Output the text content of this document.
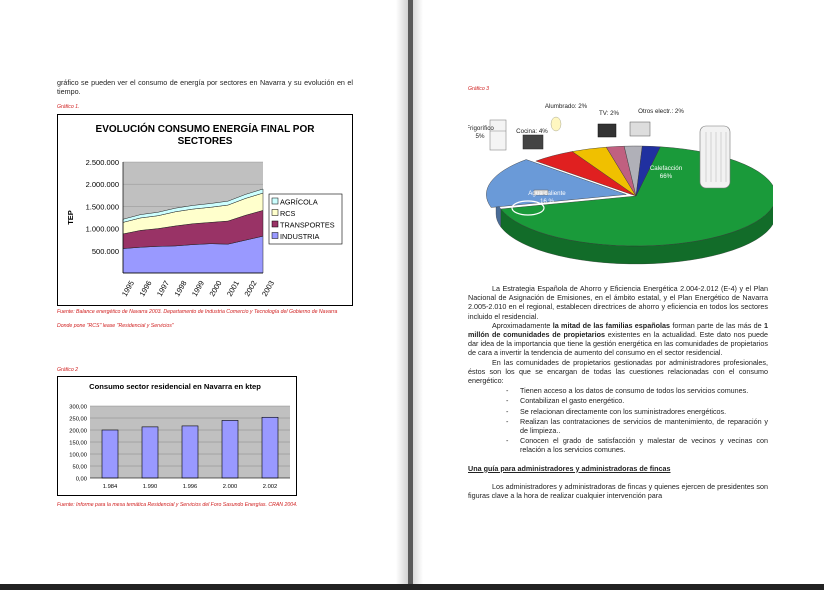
gráfico se pueden ver el consumo de energía por sectores en Navarra y su evolución en el tiempo.
Gráfico 1.
EVOLUCIÓN CONSUMO ENERGÍA FINAL POR
SECTORES
500.000
1.000.000
1.500.000
2.000.000
2.500.000
TEP
1995 1996 1997 1998 1999 2000 2001 2002 2003
AGRÍCOLA
RCS
TRANSPORTES
INDUSTRIA
Fuente: Balance energético de Navarra 2003. Departamento de Industria Comercio y Tecnología del Gobierno de Navarra
Donde pone "RCS" lease "Residencial y Servicios"
Gráfico 2
Consumo sector residencial en Navarra en ktep
0,00
50,00
100,00
150,00
200,00
250,00
300,00
1.984	1.990	1.996	2.000	2.002
Fuente: Informe para la mesa temática Residencial y Servicios del Foro Sasundo Energías. CRAN 2004.
Gráfico 3
Calefacción
66%
Agua caliente
16 %
Frigorífico
5%
Cocina: 4%
Alumbrado: 2%
TV: 2%	Otros electr.: 2%
La Estrategia Española de Ahorro y Eficiencia Energética 2.004-2.012 (E-4) y el Plan Nacional de Asignación de Emisiones, en el ámbito estatal, y el Plan Energético de Navarra 2.005-2.010 en el regional, establecen directrices de ahorro y eficiencia en todos los sectores incluido el residencial.
Aproximadamente la mitad de las familias españolas forman parte de las más de 1 millón de comunidades de propietarios existentes en la actualidad. Este dato nos puede dar idea de la importancia que tiene la gestión energética en las comunidades de propietarios de cara a invertir la tendencia de aumento del consumo en el sector residencial.
En las comunidades de propietarios gestionadas por administradores profesionales, éstos son los que se encargan de todas las cuestiones relacionadas con el consumo energético:
- Tienen acceso a los datos de consumo de todos los servicios comunes.
- Contabilizan el gasto energético.
- Se relacionan directamente con los suministradores energéticos.
- Realizan las contrataciones de servicios de mantenimiento, de reparación y de limpieza..
- Conocen el grado de satisfacción y malestar de vecinos y vecinas con relación a los servicios comunes.
Una guía para administradores y administradoras de fincas
Los administradores y administradoras de fincas y quienes ejercen de presidentes son figuras clave a la hora de realizar cualquier intervención para
